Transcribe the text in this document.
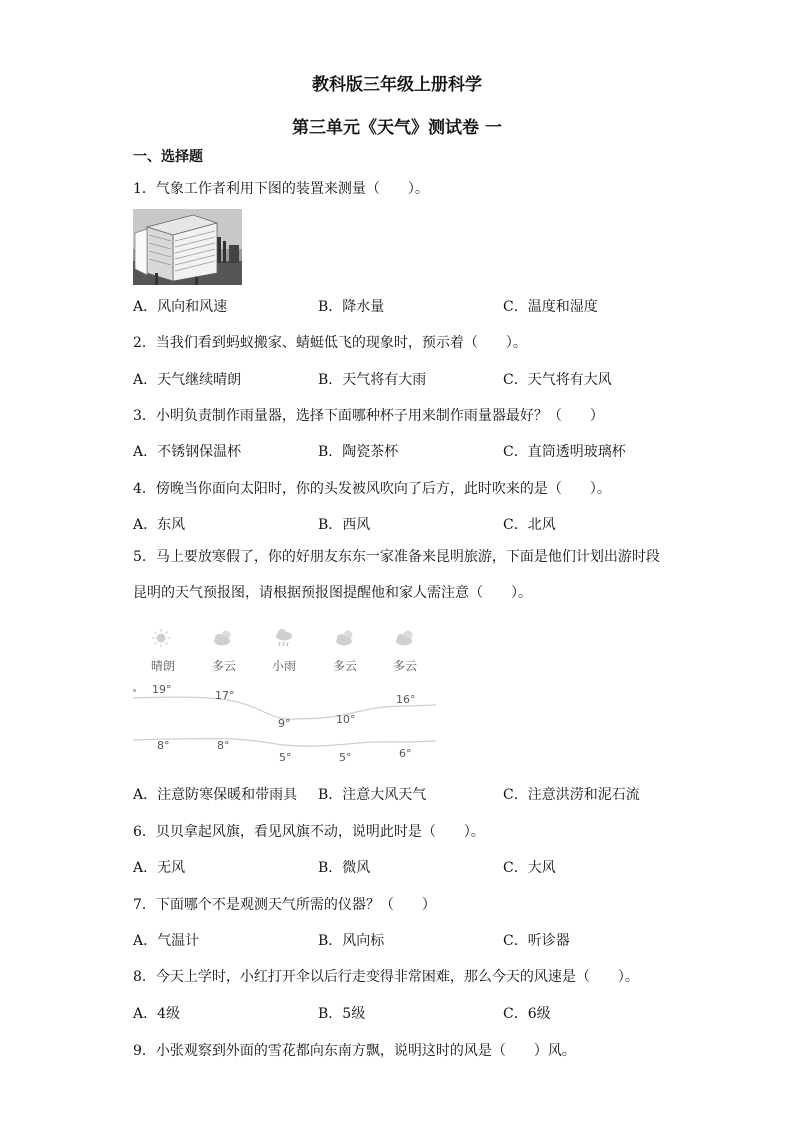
教科版三年级上册科学
第三单元《天气》测试卷 一
一、选择题
1．气象工作者利用下图的装置来测量（　　）。
A．风向和风速	B．降水量	C．温度和湿度
2．当我们看到蚂蚁搬家、蜻蜓低飞的现象时，预示着（　　）。
A．天气继续晴朗	B．天气将有大雨	C．天气将有大风
3．小明负责制作雨量器，选择下面哪种杯子用来制作雨量器最好？（　　）
A．不锈钢保温杯	B．陶瓷茶杯	C．直筒透明玻璃杯
4．傍晚当你面向太阳时，你的头发被风吹向了后方，此时吹来的是（　　）。
A．东风	B．西风	C．北风
5．马上要放寒假了，你的好朋友东东一家准备来昆明旅游，下面是他们计划出游时段
昆明的天气预报图，请根据预报图提醒他和家人需注意（　　）。
晴朗	多云	小雨	多云	多云
19°	17°
9°	10°
16°
8°	8°
5°	5°	6°
A．注意防寒保暖和带雨具 B．注意大风天气	C．注意洪涝和泥石流
6．贝贝拿起风旗，看见风旗不动，说明此时是（　　）。
A．无风	B．微风	C．大风
7．下面哪个不是观测天气所需的仪器？（　　）
A．气温计	B．风向标	C．听诊器
8．今天上学时，小红打开伞以后行走变得非常困难，那么今天的风速是（　　）。
A．4级	B．5级	C．6级
9．小张观察到外面的雪花都向东南方飘，说明这时的风是（　　）风。
